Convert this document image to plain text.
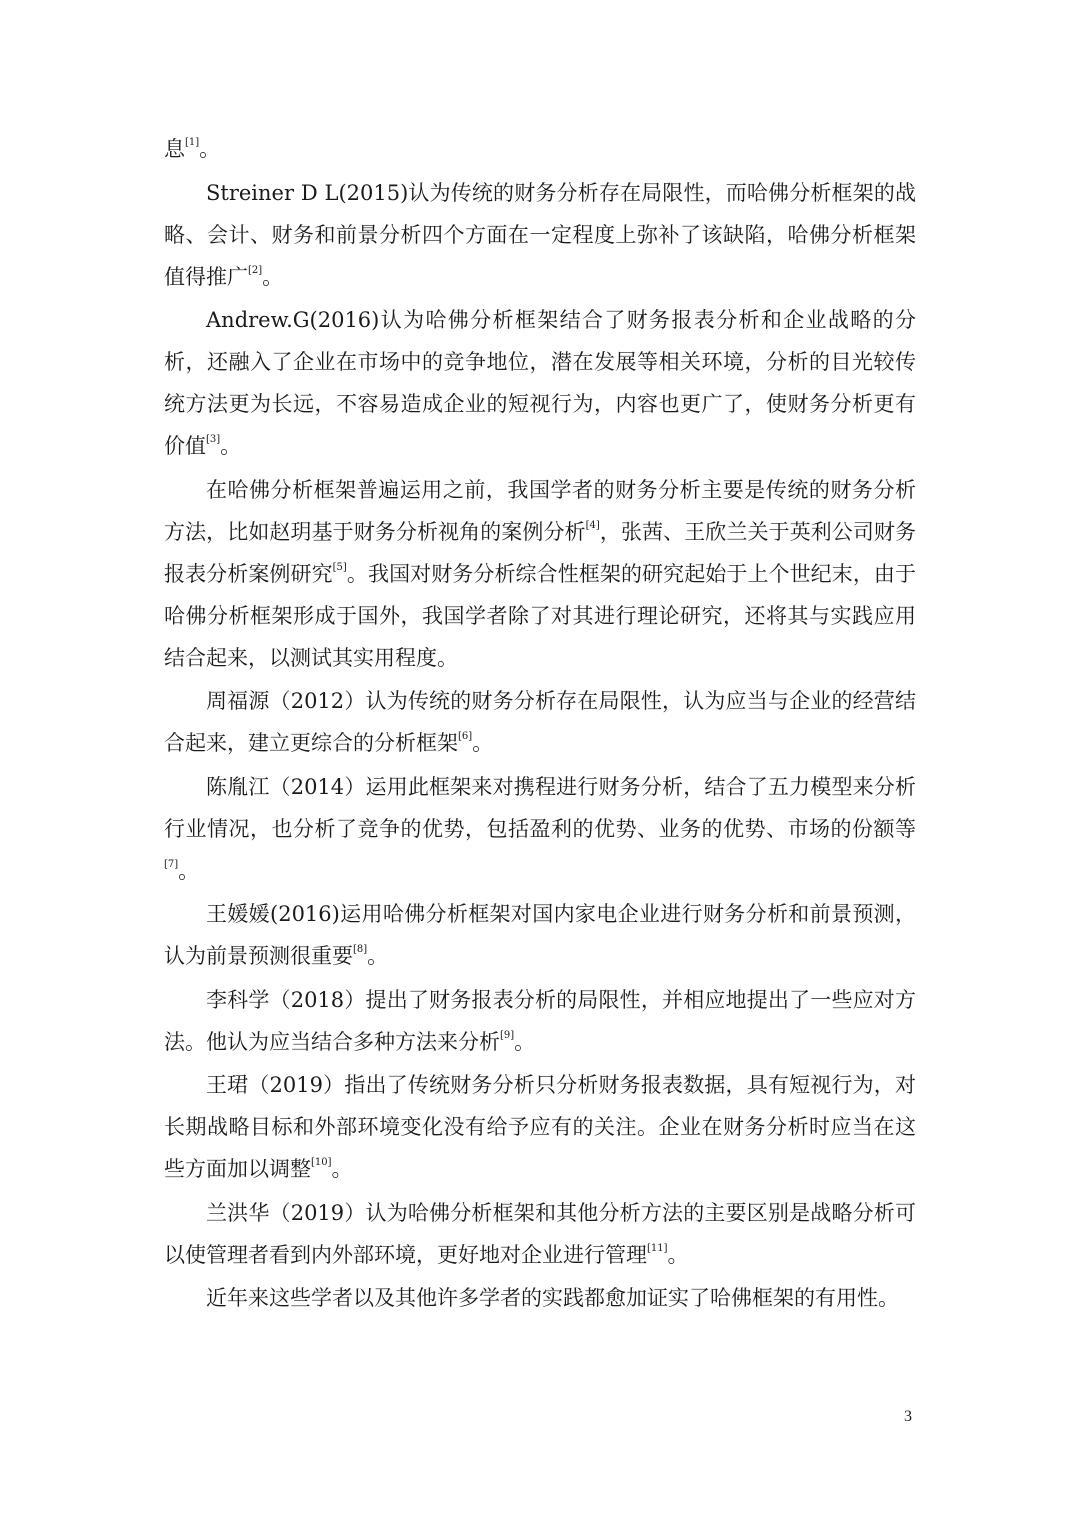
息[1]。

Streiner D L(2015)认为传统的财务分析存在局限性，而哈佛分析框架的战略、会计、财务和前景分析四个方面在一定程度上弥补了该缺陷，哈佛分析框架值得推广[2]。

Andrew.G(2016)认为哈佛分析框架结合了财务报表分析和企业战略的分析，还融入了企业在市场中的竞争地位，潜在发展等相关环境，分析的目光较传统方法更为长远，不容易造成企业的短视行为，内容也更广了，使财务分析更有价值[3]。

在哈佛分析框架普遍运用之前，我国学者的财务分析主要是传统的财务分析方法，比如赵玥基于财务分析视角的案例分析[4]，张茜、王欣兰关于英利公司财务报表分析案例研究[5]。我国对财务分析综合性框架的研究起始于上个世纪末，由于哈佛分析框架形成于国外，我国学者除了对其进行理论研究，还将其与实践应用结合起来，以测试其实用程度。

周福源（2012）认为传统的财务分析存在局限性，认为应当与企业的经营结合起来，建立更综合的分析框架[6]。

陈胤江（2014）运用此框架来对携程进行财务分析，结合了五力模型来分析行业情况，也分析了竞争的优势，包括盈利的优势、业务的优势、市场的份额等[7]。

王媛媛(2016)运用哈佛分析框架对国内家电企业进行财务分析和前景预测，认为前景预测很重要[8]。

李科学（2018）提出了财务报表分析的局限性，并相应地提出了一些应对方法。他认为应当结合多种方法来分析[9]。

王珺（2019）指出了传统财务分析只分析财务报表数据，具有短视行为，对长期战略目标和外部环境变化没有给予应有的关注。企业在财务分析时应当在这些方面加以调整[10]。

兰洪华（2019）认为哈佛分析框架和其他分析方法的主要区别是战略分析可以使管理者看到内外部环境，更好地对企业进行管理[11]。

近年来这些学者以及其他许多学者的实践都愈加证实了哈佛框架的有用性。

3
